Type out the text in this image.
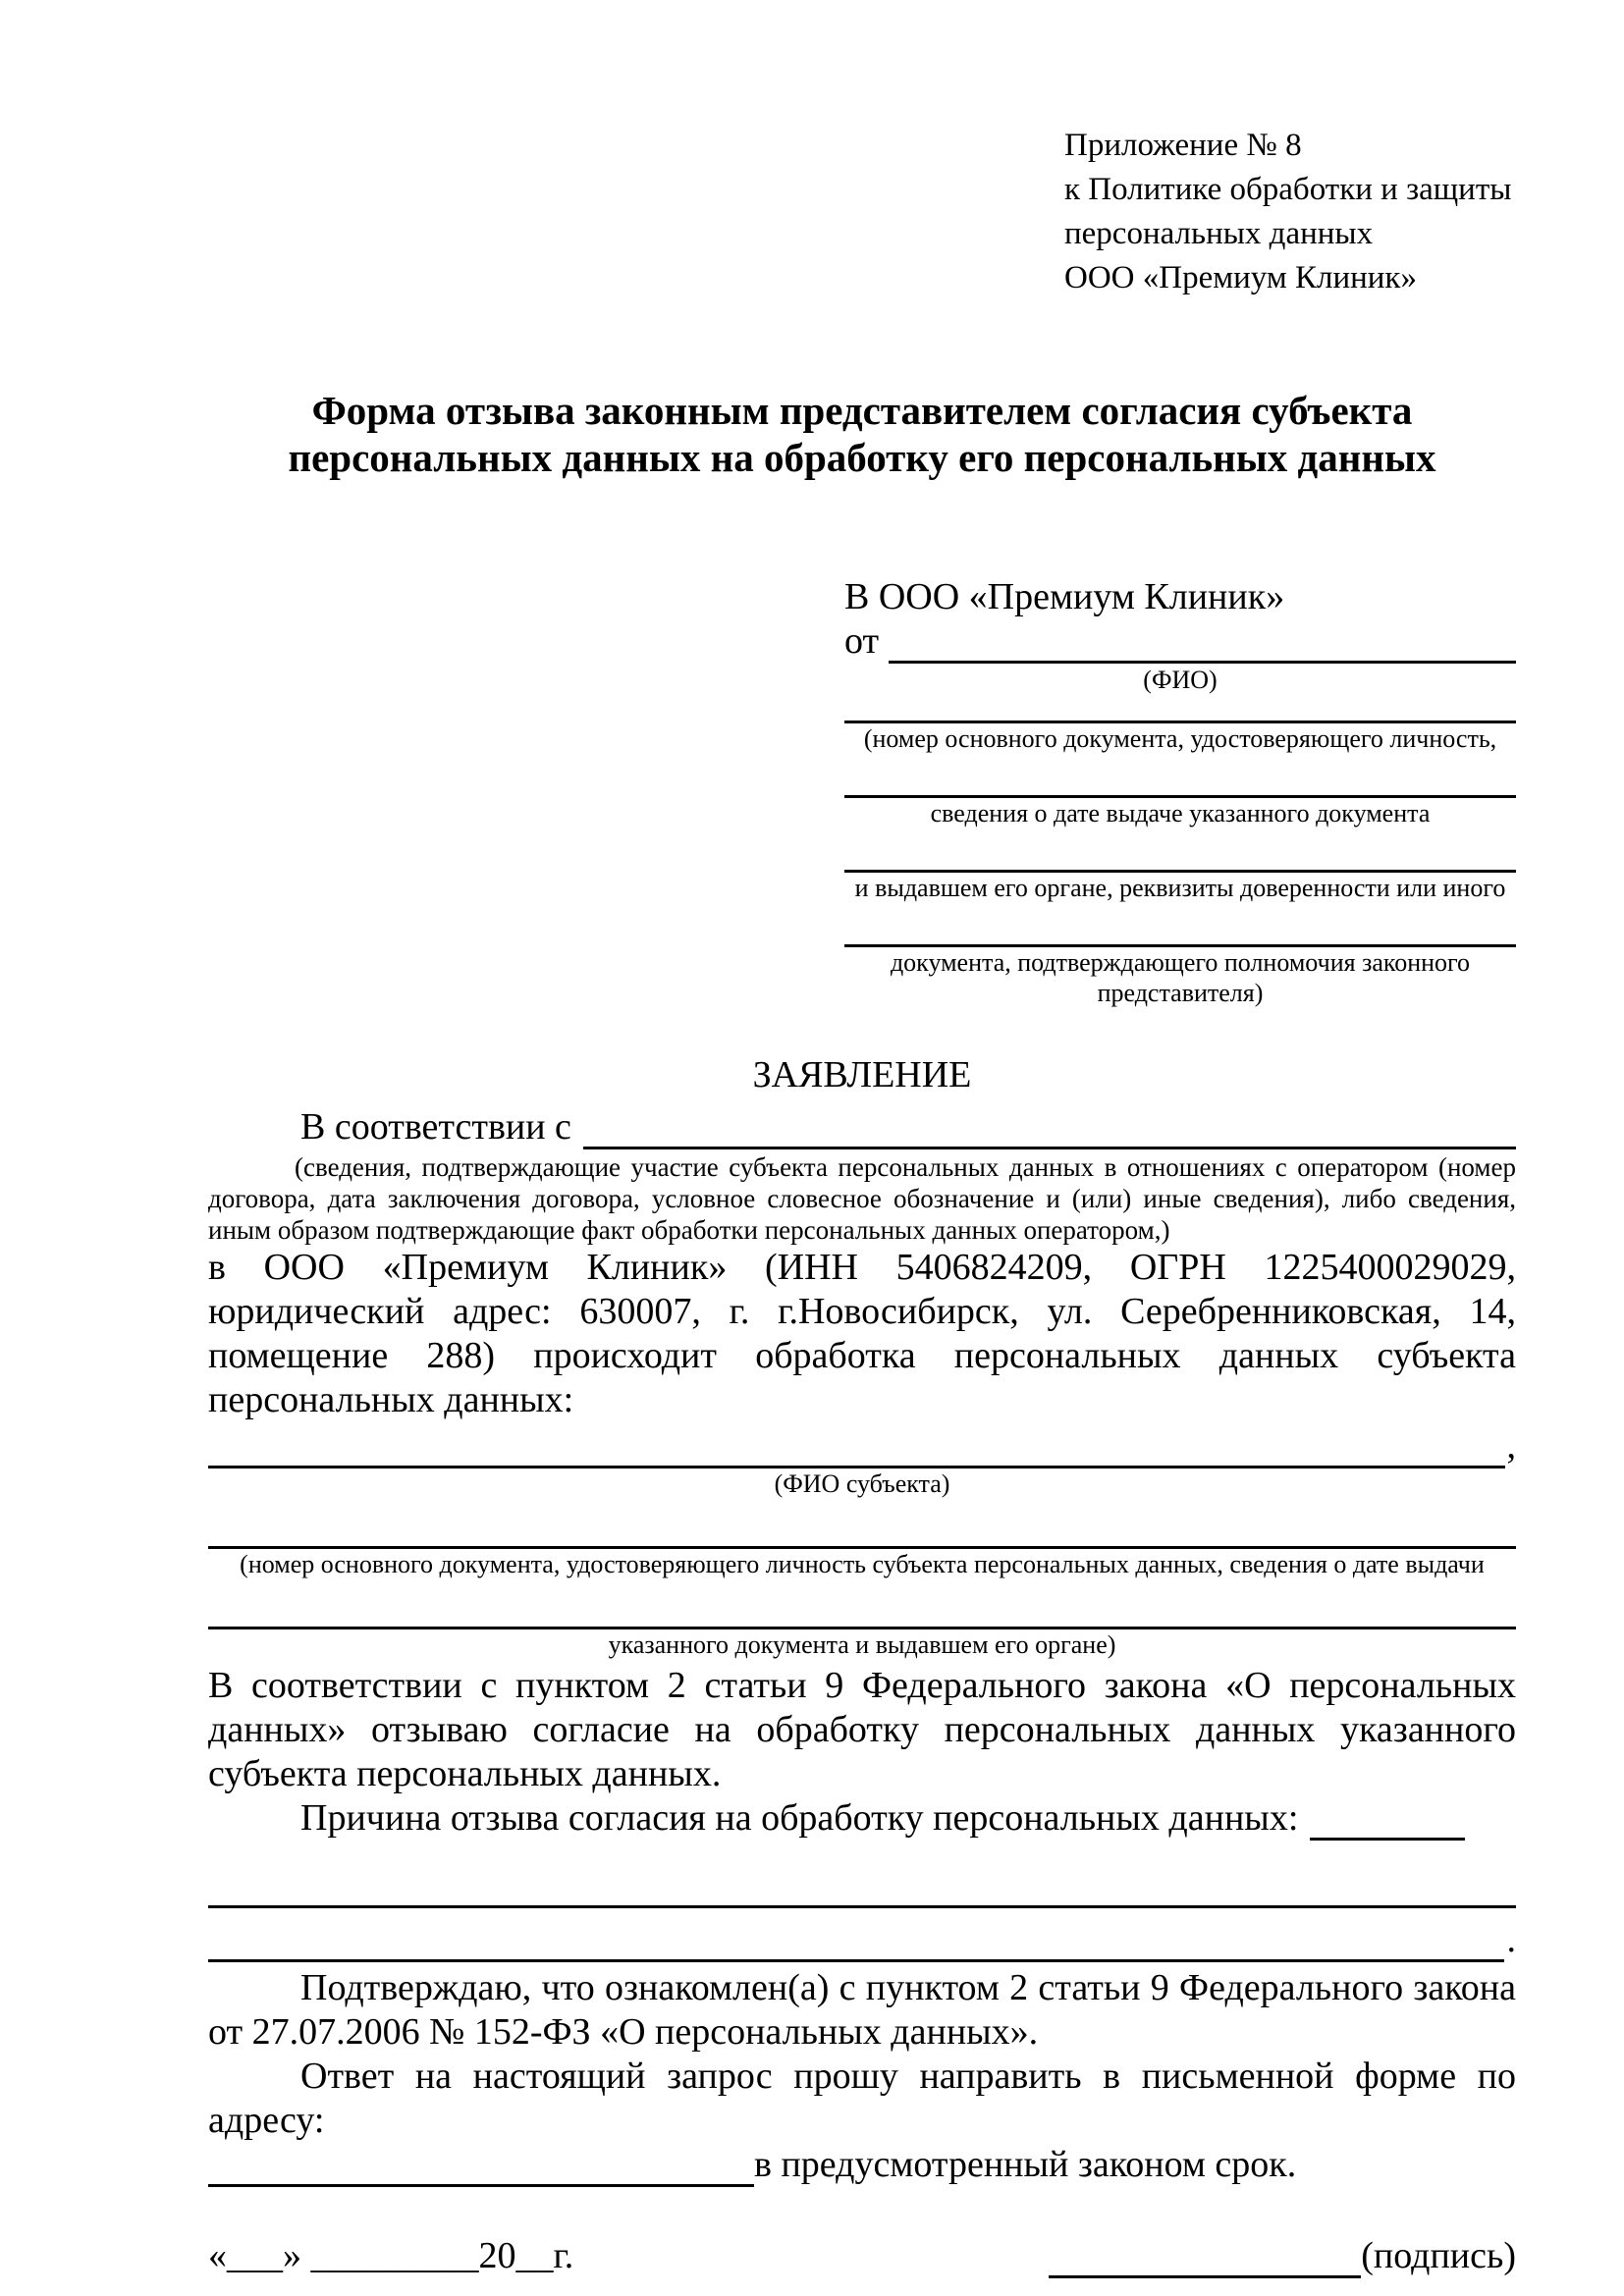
Приложение № 8
к Политике обработки и защиты
персональных данных
ООО «Премиум Клиник»
Форма отзыва законным представителем согласия субъекта персональных данных на обработку его персональных данных
В ООО «Премиум Клиник»
от
(ФИО)
(номер основного документа, удостоверяющего личность,
сведения о дате выдаче указанного документа
и выдавшем его органе, реквизиты доверенности или иного
документа, подтверждающего полномочия законного представителя)
ЗАЯВЛЕНИЕ
В соответствии с
(сведения, подтверждающие участие субъекта персональных данных в отношениях с оператором (номер договора, дата заключения договора, условное словесное обозначение и (или) иные сведения), либо сведения, иным образом подтверждающие факт обработки персональных данных оператором,)
в ООО «Премиум Клиник» (ИНН 5406824209, ОГРН 1225400029029, юридический адрес: 630007, г. г.Новосибирск, ул. Серебренниковская, 14, помещение 288) происходит обработка персональных данных субъекта персональных данных:
,
(ФИО субъекта)
(номер основного документа, удостоверяющего личность субъекта персональных данных, сведения о дате выдачи
указанного документа и выдавшем его органе)
В соответствии с пунктом 2 статьи 9 Федерального закона «О персональных данных» отзываю согласие на обработку персональных данных указанного субъекта персональных данных.
Причина отзыва согласия на обработку персональных данных:
.
Подтверждаю, что ознакомлен(а) с пунктом 2 статьи 9 Федерального закона от 27.07.2006 № 152-ФЗ «О персональных данных».
Ответ на настоящий запрос прошу направить в письменной форме по адресу:
в предусмотренный законом срок.
«___» _________20__г.	(подпись)
